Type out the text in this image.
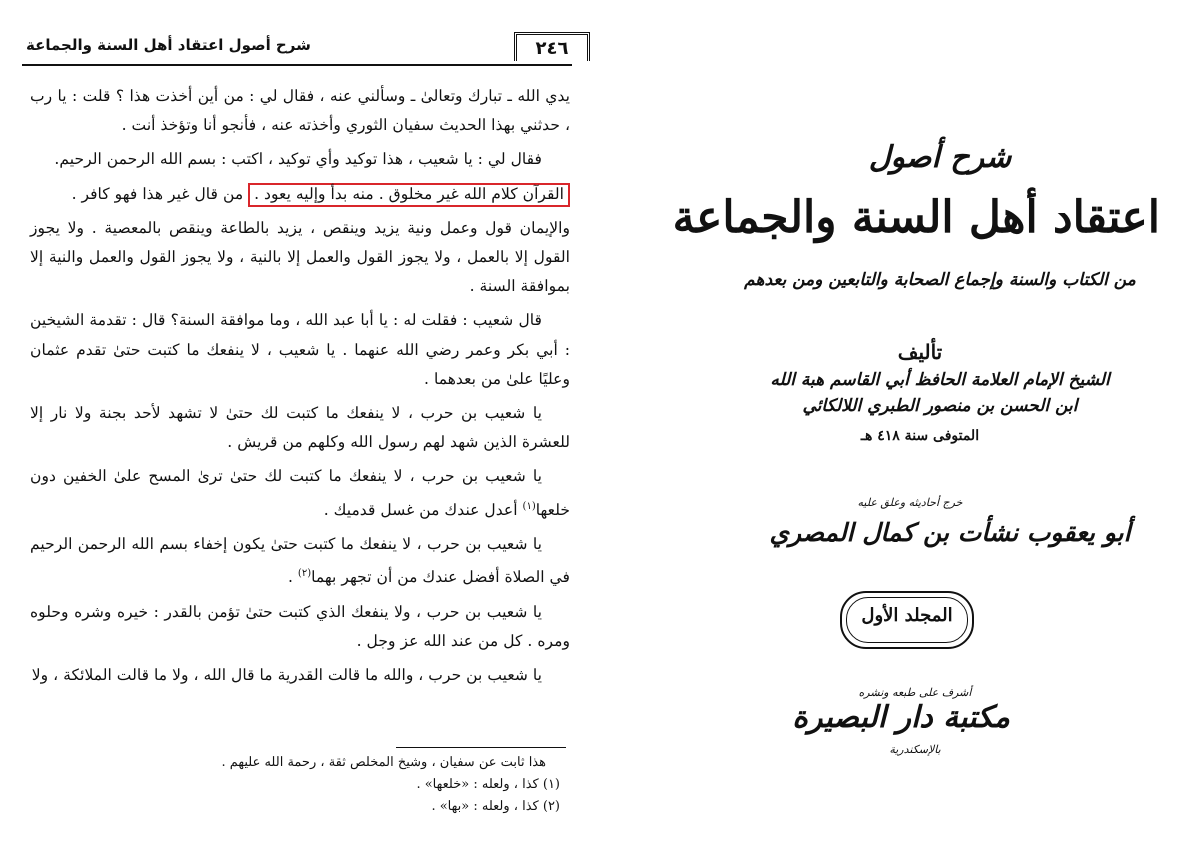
شرح أصول اعتقاد أهل السنة والجماعة	٢٤٦

يدي الله ـ تبارك وتعالىٰ ـ وسألني عنه ، فقال لي : من أين أخذت هذا ؟ قلت : يا رب ، حدثني بهذا الحديث سفيان الثوري وأخذته عنه ، فأنجو أنا وتؤخذ أنت .

فقال لي : يا شعيب ، هذا توكيد وأي توكيد ، اكتب : بسم الله الرحمن الرحيم.

القرآن كلام الله غير مخلوق . منه بدأ وإليه يعود . من قال غير هذا فهو كافر .

والإيمان قول وعمل ونية يزيد وينقص ، يزيد بالطاعة وينقص بالمعصية . ولا يجوز القول إلا بالعمل ، ولا يجوز القول والعمل إلا بالنية ، ولا يجوز القول والعمل والنية إلا بموافقة السنة .

قال شعيب : فقلت له : يا أبا عبد الله ، وما موافقة السنة؟ قال : تقدمة الشيخين : أبي بكر وعمر رضي الله عنهما . يا شعيب ، لا ينفعك ما كتبت حتىٰ تقدم عثمان وعليًا علىٰ من بعدهما .

يا شعيب بن حرب ، لا ينفعك ما كتبت لك حتىٰ لا تشهد لأحد بجنة ولا نار إلا للعشرة الذين شهد لهم رسول الله وكلهم من قريش .

يا شعيب بن حرب ، لا ينفعك ما كتبت لك حتىٰ ترىٰ المسح علىٰ الخفين دون خلعها$^{(١)}$ أعدل عندك من غسل قدميك .

يا شعيب بن حرب ، لا ينفعك ما كتبت حتىٰ يكون إخفاء بسم الله الرحمن الرحيم في الصلاة أفضل عندك من أن تجهر بهما$^{(٢)}$ .

يا شعيب بن حرب ، ولا ينفعك الذي كتبت حتىٰ تؤمن بالقدر : خيره وشره وحلوه ومره . كل من عند الله عز وجل .

يا شعيب بن حرب ، والله ما قالت القدرية ما قال الله ، ولا ما قالت الملائكة ، ولا

هذا ثابت عن سفيان ، وشيخ المخلص ثقة ، رحمة الله عليهم .

(١) كذا ، ولعله : «خلعها» .

(٢) كذا ، ولعله : «بها» .

شرح أصول
اعتقاد أهل السنة والجماعة
من الكتاب والسنة وإجماع الصحابة والتابعين ومن بعدهم
تأليف
الشيخ الإمام العلامة الحافظ أبي القاسم هبة الله
ابن الحسن بن منصور الطبري اللالكائي
المتوفى سنة ٤١٨ هـ
خرج أحاديثه وعلق عليه
أبو يعقوب نشأت بن كمال المصري
المجلد الأول
أشرف على طبعه ونشره
مكتبة دار البصيرة
بالإسكندرية
